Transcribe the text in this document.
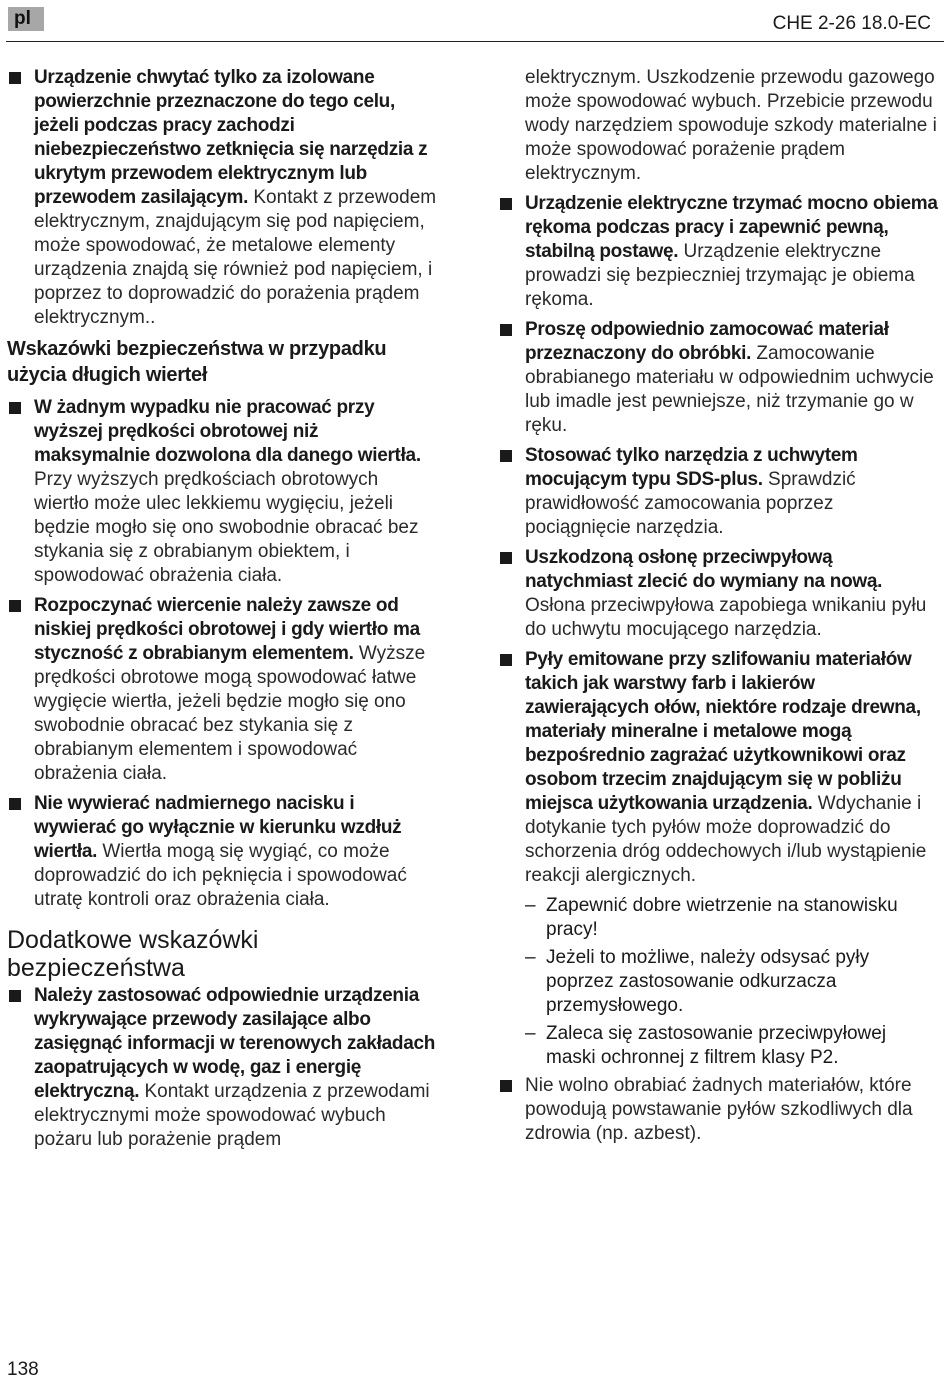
pl	CHE 2-26 18.0-EC
Urządzenie chwytać tylko za izolowane powierzchnie przeznaczone do tego celu, jeżeli podczas pracy zachodzi niebezpieczeństwo zetknięcia się narzędzia z ukrytym przewodem elektrycznym lub przewodem zasilającym. Kontakt z przewodem elektrycznym, znajdującym się pod napięciem, może spowodować, że metalowe elementy urządzenia znajdą się również pod napięciem, i poprzez to doprowadzić do porażenia prądem elektrycznym..
Wskazówki bezpieczeństwa w przypadku użycia długich wierteł
W żadnym wypadku nie pracować przy wyższej prędkości obrotowej niż maksymalnie dozwolona dla danego wiertła. Przy wyższych prędkościach obrotowych wiertło może ulec lekkiemu wygięciu, jeżeli będzie mogło się ono swobodnie obracać bez stykania się z obrabianym obiektem, i spowodować obrażenia ciała.
Rozpoczynać wiercenie należy zawsze od niskiej prędkości obrotowej i gdy wiertło ma styczność z obrabianym elementem. Wyższe prędkości obrotowe mogą spowodować łatwe wygięcie wiertła, jeżeli będzie mogło się ono swobodnie obracać bez stykania się z obrabianym elementem i spowodować obrażenia ciała.
Nie wywierać nadmiernego nacisku i wywierać go wyłącznie w kierunku wzdłuż wiertła. Wiertła mogą się wygiąć, co może doprowadzić do ich pęknięcia i spowodować utratę kontroli oraz obrażenia ciała.
Dodatkowe wskazówki bezpieczeństwa
Należy zastosować odpowiednie urządzenia wykrywające przewody zasilające albo zasięgnąć informacji w terenowych zakładach zaopatrujących w wodę, gaz i energię elektryczną. Kontakt urządzenia z przewodami elektrycznymi może spowodować wybuch pożaru lub porażenie prądem
elektrycznym. Uszkodzenie przewodu gazowego może spowodować wybuch. Przebicie przewodu wody narzędziem spowoduje szkody materialne i może spowodować porażenie prądem elektrycznym.
Urządzenie elektryczne trzymać mocno obiema rękoma podczas pracy i zapewnić pewną, stabilną postawę. Urządzenie elektryczne prowadzi się bezpieczniej trzymając je obiema rękoma.
Proszę odpowiednio zamocować materiał przeznaczony do obróbki. Zamocowanie obrabianego materiału w odpowiednim uchwycie lub imadle jest pewniejsze, niż trzymanie go w ręku.
Stosować tylko narzędzia z uchwytem mocującym typu SDS-plus. Sprawdzić prawidłowość zamocowania poprzez pociągnięcie narzędzia.
Uszkodzoną osłonę przeciwpyłową natychmiast zlecić do wymiany na nową. Osłona przeciwpyłowa zapobiega wnikaniu pyłu do uchwytu mocującego narzędzia.
Pyły emitowane przy szlifowaniu materiałów takich jak warstwy farb i lakierów zawierających ołów, niektóre rodzaje drewna, materiały mineralne i metalowe mogą bezpośrednio zagrażać użytkownikowi oraz osobom trzecim znajdującym się w pobliżu miejsca użytkowania urządzenia. Wdychanie i dotykanie tych pyłów może doprowadzić do schorzenia dróg oddechowych i/lub wystąpienie reakcji alergicznych.
– Zapewnić dobre wietrzenie na stanowisku pracy!
– Jeżeli to możliwe, należy odsysać pyły poprzez zastosowanie odkurzacza przemysłowego.
– Zaleca się zastosowanie przeciwpyłowej maski ochronnej z filtrem klasy P2.
Nie wolno obrabiać żadnych materiałów, które powodują powstawanie pyłów szkodliwych dla zdrowia (np. azbest).
138
